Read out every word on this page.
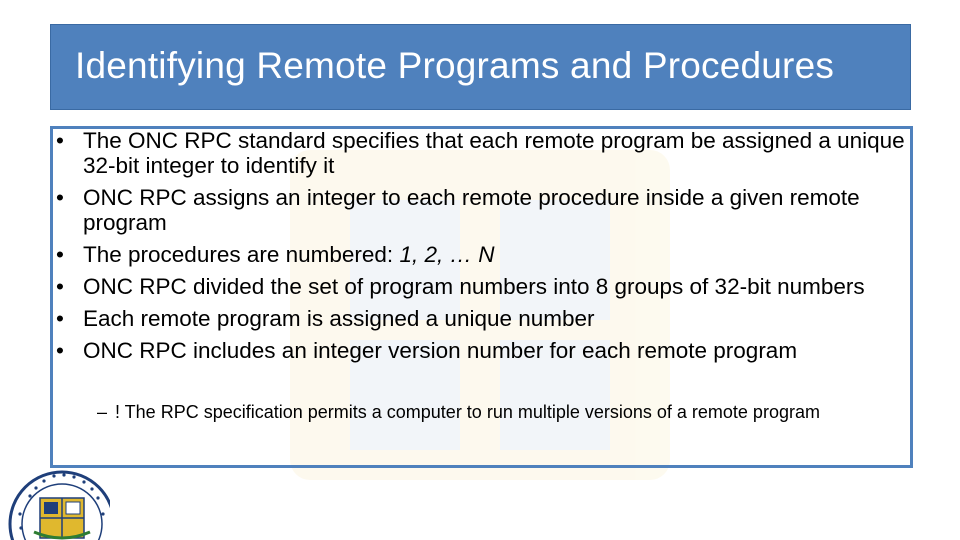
Identifying Remote Programs and Procedures
• The ONC RPC standard specifies that each remote program be assigned a unique 32-bit integer to identify it
• ONC RPC assigns an integer to each remote procedure inside a given remote program
• The procedures are numbered: 1, 2, … N
• ONC RPC divided the set of program numbers into 8 groups of 32-bit numbers
• Each remote program is assigned a unique number
• ONC RPC includes an integer version number for each remote program
– ! The RPC specification permits a computer to run multiple versions of a remote program
